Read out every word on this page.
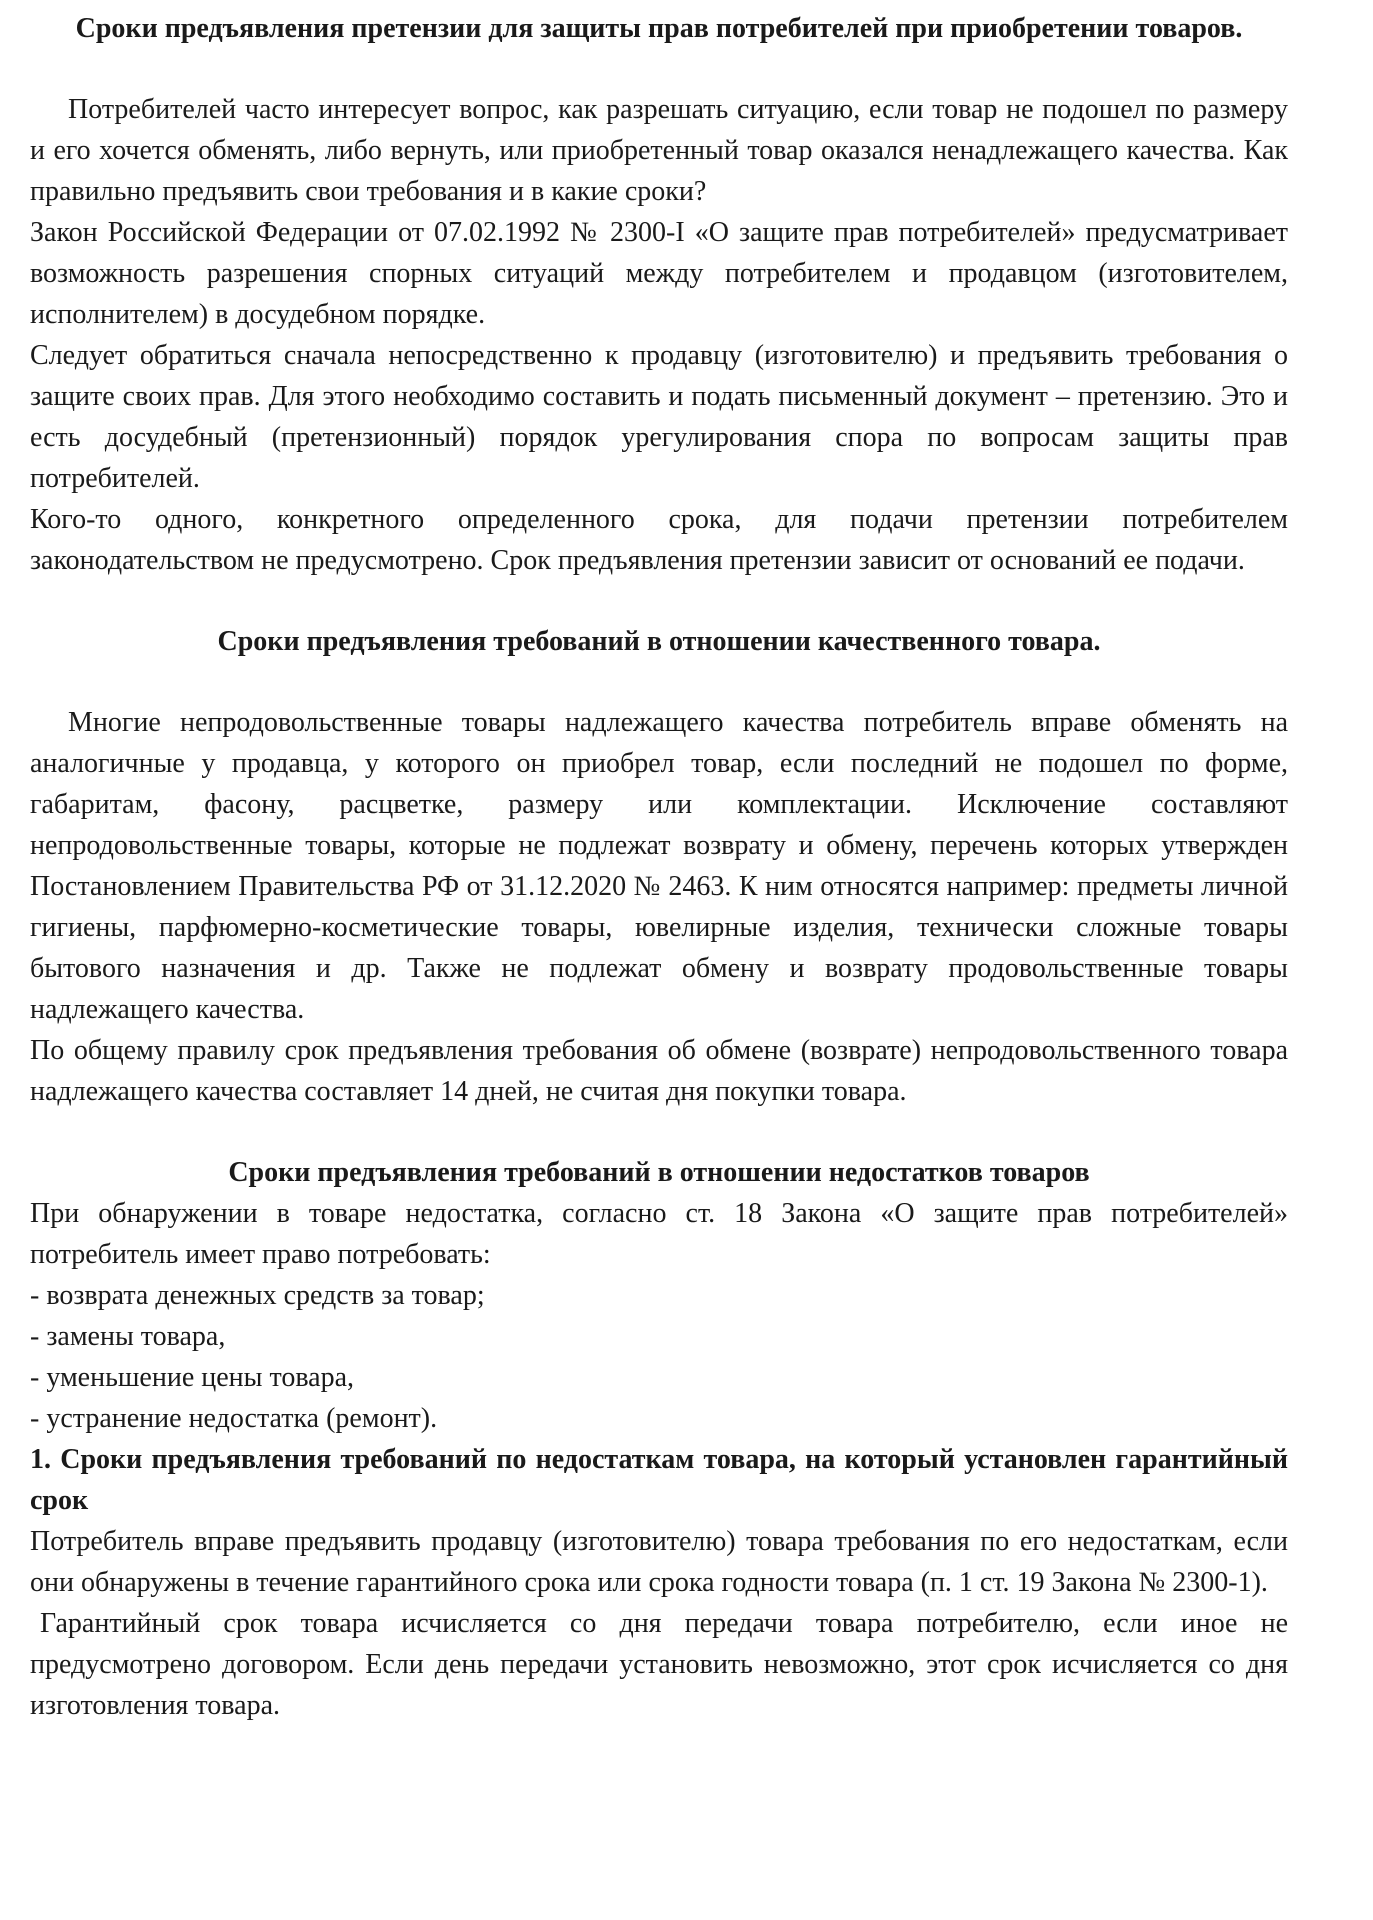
Сроки предъявления претензии для защиты прав потребителей при приобретении товаров.

Потребителей часто интересует вопрос, как разрешать ситуацию, если товар не подошел по размеру и его хочется обменять, либо вернуть, или приобретенный товар оказался ненадлежащего качества. Как правильно предъявить свои требования и в какие сроки?

Закон Российской Федерации от 07.02.1992 № 2300-I «О защите прав потребителей» предусматривает возможность разрешения спорных ситуаций между потребителем и продавцом (изготовителем, исполнителем) в досудебном порядке.

Следует обратиться сначала непосредственно к продавцу (изготовителю) и предъявить требования о защите своих прав. Для этого необходимо составить и подать письменный документ – претензию. Это и есть досудебный (претензионный) порядок урегулирования спора по вопросам защиты прав потребителей.

Кого-то одного, конкретного определенного срока, для подачи претензии потребителем законодательством не предусмотрено. Срок предъявления претензии зависит от оснований ее подачи.

Сроки предъявления требований в отношении качественного товара.

Многие непродовольственные товары надлежащего качества потребитель вправе обменять на аналогичные у продавца, у которого он приобрел товар, если последний не подошел по форме, габаритам, фасону, расцветке, размеру или комплектации. Исключение составляют непродовольственные товары, которые не подлежат возврату и обмену, перечень которых утвержден Постановлением Правительства РФ от 31.12.2020 № 2463. К ним относятся например: предметы личной гигиены, парфюмерно-косметические товары, ювелирные изделия, технически сложные товары бытового назначения и др. Также не подлежат обмену и возврату продовольственные товары надлежащего качества.

По общему правилу срок предъявления требования об обмене (возврате) непродовольственного товара надлежащего качества составляет 14 дней, не считая дня покупки товара.

Сроки предъявления требований в отношении недостатков товаров

При обнаружении в товаре недостатка, согласно ст. 18 Закона «О защите прав потребителей» потребитель имеет право потребовать:

- возврата денежных средств за товар;

- замены товара,

- уменьшение цены товара,

- устранение недостатка (ремонт).

1. Сроки предъявления требований по недостаткам товара, на который установлен гарантийный срок

Потребитель вправе предъявить продавцу (изготовителю) товара требования по его недостаткам, если они обнаружены в течение гарантийного срока или срока годности товара (п. 1 ст. 19 Закона № 2300-1).

Гарантийный срок товара исчисляется со дня передачи товара потребителю, если иное не предусмотрено договором. Если день передачи установить невозможно, этот срок исчисляется со дня изготовления товара.
